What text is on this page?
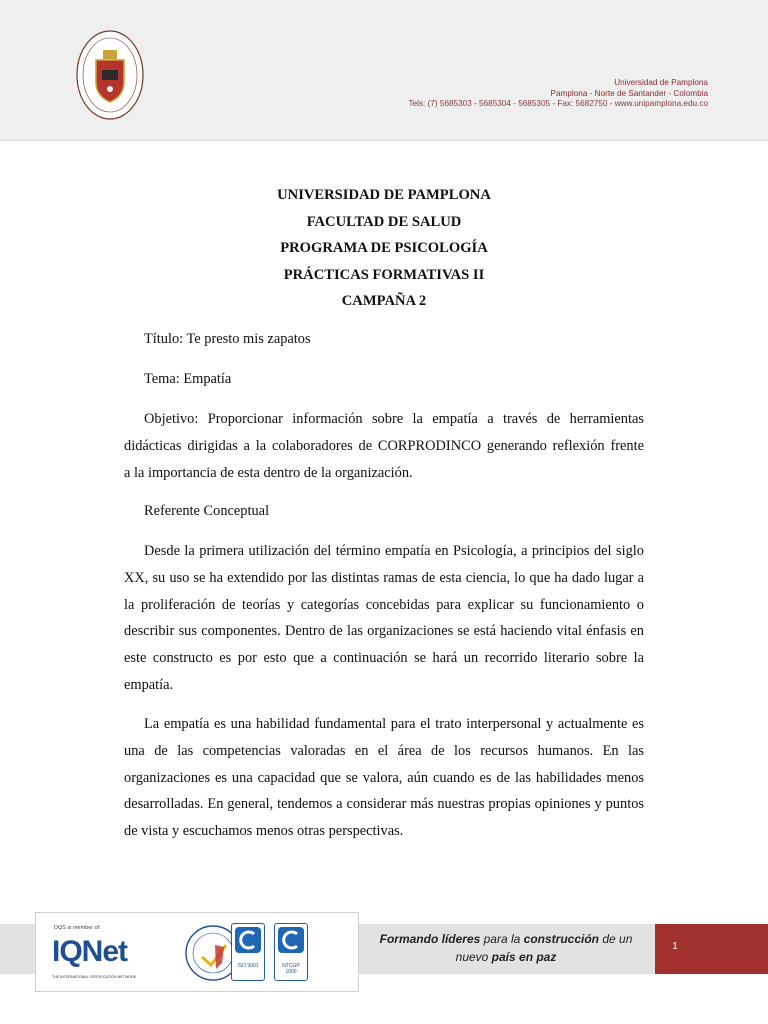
Universidad de Pamplona
Pamplona - Norte de Santander - Colombia
Tels: (7) 5685303 - 5685304 - 5685305 - Fax: 5682750 - www.unipamplona.edu.co
UNIVERSIDAD DE PAMPLONA
FACULTAD DE SALUD
PROGRAMA DE PSICOLOGÍA
PRÁCTICAS FORMATIVAS II
CAMPAÑA 2
Título: Te presto mis zapatos
Tema: Empatía
Objetivo: Proporcionar información sobre la empatía a través de herramientas
didácticas dirigidas a la colaboradores de CORPRODINCO generando reflexión frente
a la importancia de esta dentro de la organización.
Referente Conceptual
Desde la primera utilización del término empatía en Psicología, a principios del siglo XX, su uso se ha extendido por las distintas ramas de esta ciencia, lo que ha dado lugar a la proliferación de teorías y categorías concebidas para explicar su funcionamiento o describir sus componentes. Dentro de las organizaciones se está haciendo vital énfasis en este constructo es por esto que a continuación se hará un recorrido literario sobre la empatía.
La empatía es una habilidad fundamental para el trato interpersonal y actualmente es una de las competencias valoradas en el área de los recursos humanos. En las organizaciones es una capacidad que se valora, aún cuando es de las habilidades menos desarrolladas. En general, tendemos a considerar más nuestras propias opiniones y puntos de vista y escuchamos menos otras perspectivas.
DQS is member of:
IQNet
THE INTERNATIONAL CERTIFICATION NETWORK
ISO 9001	NTCGP
1000
Formando líderes para la construcción de un
nuevo país en paz
1
